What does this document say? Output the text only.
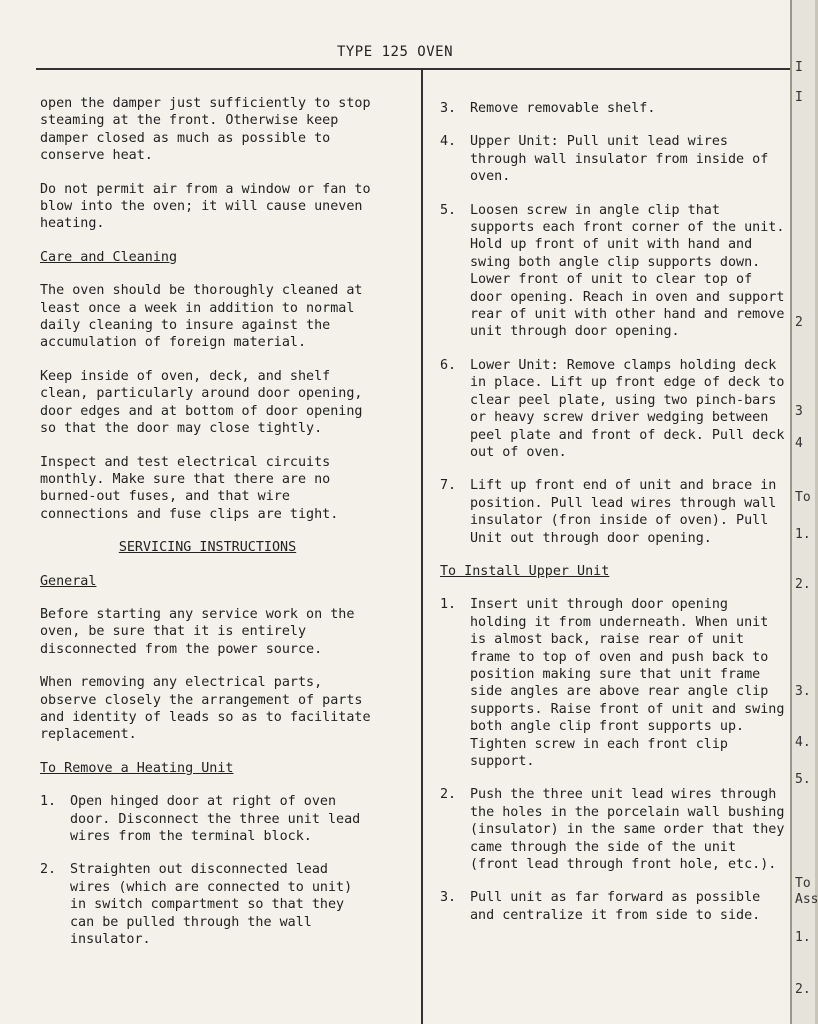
TYPE 125 OVEN

open the damper just sufficiently to stop steaming at the front. Otherwise keep damper closed as much as possible to conserve heat.

Do not permit air from a window or fan to blow into the oven; it will cause uneven heating.

Care and Cleaning

The oven should be thoroughly cleaned at least once a week in addition to normal daily cleaning to insure against the accumulation of foreign material.

Keep inside of oven, deck, and shelf clean, particularly around door opening, door edges and at bottom of door opening so that the door may close tightly.

Inspect and test electrical circuits monthly. Make sure that there are no burned-out fuses, and that wire connections and fuse clips are tight.

SERVICING INSTRUCTIONS
General

Before starting any service work on the oven, be sure that it is entirely disconnected from the power source.

When removing any electrical parts, observe closely the arrangement of parts and identity of leads so as to facilitate replacement.

To Remove a Heating Unit
1.	Open hinged door at right of oven door. Disconnect the three unit lead wires from the terminal block.
2.	Straighten out disconnected lead wires (which are connected to unit) in switch compartment so that they can be pulled through the wall insulator.
3.	Remove removable shelf.
4.	Upper Unit: Pull unit lead wires through wall insulator from inside of oven.
5.	Loosen screw in angle clip that supports each front corner of the unit. Hold up front of unit with hand and swing both angle clip supports down. Lower front of unit to clear top of door opening. Reach in oven and support rear of unit with other hand and remove unit through door opening.
6.	Lower Unit: Remove clamps holding deck in place. Lift up front edge of deck to clear peel plate, using two pinch-bars or heavy screw driver wedging between peel plate and front of deck. Pull deck out of oven.
7.	Lift up front end of unit and brace in position. Pull lead wires through wall insulator (fron inside of oven). Pull Unit out through door opening.
To Install Upper Unit
1.	Insert unit through door opening holding it from underneath. When unit is almost back, raise rear of unit frame to top of oven and push back to position making sure that unit frame side angles are above rear angle clip supports. Raise front of unit and swing both angle clip front supports up. Tighten screw in each front clip support.
2.	Push the three unit lead wires through the holes in the porcelain wall bushing (insulator) in the same order that they came through the side of the unit (front lead through front hole, etc.).
3.	Pull unit as far forward as possible and centralize it from side to side.
I
I
2
3
4
To
1.
2.
3.
4.
5.
To
Ass
1.
2.
